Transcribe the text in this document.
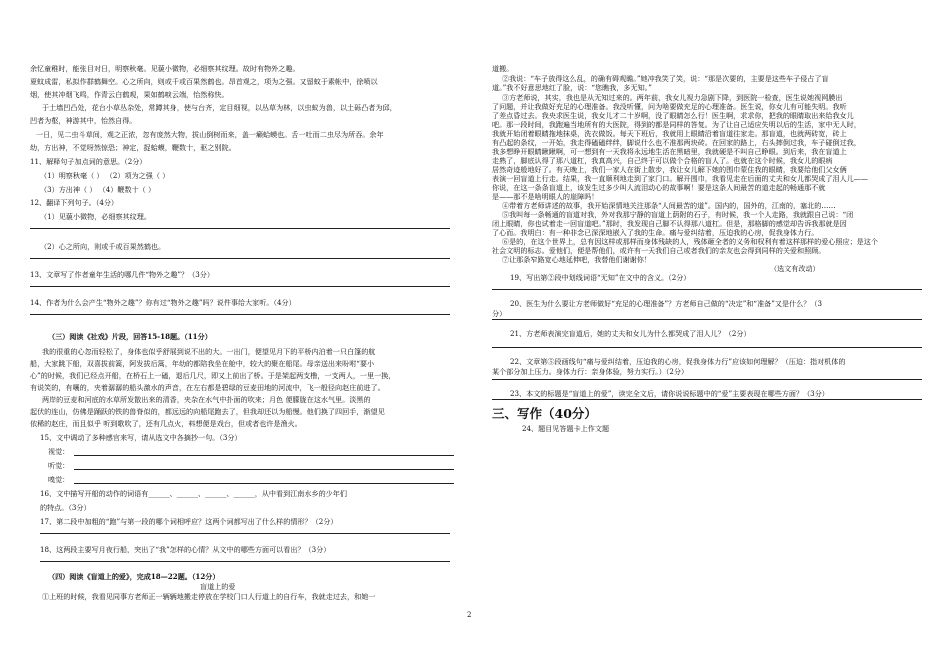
余忆童稚时，能张目对日，明察秋毫。见藐小微物，必细察其纹理。故时有物外之趣。
夏蚊成雷，私拟作群鹤舞空。心之所向，则或千或百果然鹤也。昂首观之，项为之强。又留蚊于素帐中，徐喷以
烟，使其冲烟飞鸣，作青云白鹤观，果如鹤唳云端，怡然称快。
于土墙凹凸处，花台小草丛杂处，常蹲其身，使与台齐，定目细视，以丛草为林，以虫蚁为兽，以土砾凸者为邱，
凹者为壑，神游其中，怡然自得。
一日，见二虫斗草间，观之正浓，忽有庞然大物，拔山倒树而来，盖一癞蛤蟆也。舌一吐而二虫尽为所吞。余年
幼，方出神，不觉呀然惊恐；神定，捉蛤蟆，鞭数十，驱之别院。
11、解释句子加点词的意思。（2分）
（1）明察秋毫（ ） （2）项为之强（ ）
（3）方出神（ ） （4）鞭数十（ ）
12、翻译下列句子。（4分）
（1）见藐小微物，必细察其纹理。
（2）心之所向，则或千或百果然鹤也。
13、文章写了作者童年生活的哪几件“物外之趣”？（3分）
14、作者为什么会产生“物外之趣”？你有过“物外之趣”吗？说件事给大家听。（4分）
（三）阅读《社戏》片段，回答15-18题。（11分）
我的很重的心忽而轻松了，身体也似乎舒展到说不出的大。一出门，便望见月下的平桥内泊着一只白篷的航
船，大家跳下船，双喜拔前篙，阿发拔后篙，年幼的都陪我坐在舱中，较大的聚在船尾。母亲送出来吩咐“要小
心”的时候，我们已经点开船，在桥石上一磕，退后几尺，即又上前出了桥。于是架起两支橹，一支两人，一里一换，
有说笑的，有嚷的，夹着潺潺的船头激水的声音，在左右都是碧绿的豆麦田地的河流中，飞一般径向赵庄前进了。
两岸的豆麦和河底的水草所发散出来的清香，夹杂在水气中扑面的吹来；月色 便朦胧在这水气里。淡黑的
起伏的连山，仿佛是踊跃的铁的兽脊似的，都远远的向船尾跑去了，但我却还以为船慢。他们换了四回手，渐望见
依稀的赵庄，而且似乎 听到歌吹了，还有几点火，料想便是戏台，但或者也许是渔火。
15、文中调动了多种感官来写，请从选文中各摘抄一句。（3分）
视觉：
听觉：
嗅觉：
16、文中描写开船的动作的词语有______、______、______、______，从中看到江南水乡的少年们
的特点。（3分）
17、第二段中加粗的“跑”与第一段的哪个词相呼应？这两个词都写出了什么样的情形？（2分）
18、这两段主要写月夜行船，突出了“我”怎样的心情？从文中的哪些方面可以看出？（3分）
（四）阅读《盲道上的爱》，完成18—22题。（12分）
盲道上的爱
①上班的时候，我看见同事方老师正一辆辆地搬走停放在学校门口人行道上的自行车，我就走过去，和她一
道搬。
②我说：“车子放得这么乱，的确有碍观瞻。”她冲我笑了笑，说：“那是次要的，主要是这些车子侵占了盲
道。”我不好意思地红了脸，说：“您瞧我，多无知。”
③方老师说，其实，我也是从无知过来的。两年前，我女儿视力急剧下降，到医院一检查，医生说她视网膜出
了问题，并让我做好充足的心理准备。我没听懂，问为啥要做充足的心理准备。医生说，你女儿有可能失明。我听
了差点昏过去。我央求医生说，我女儿才二十岁啊，没了眼睛怎么行！医生啊，求求你，把我的眼睛取出来给我女儿
吧。那一段时间，我跑遍当地所有的大医院，得到的都是同样的答复。为了让自己适应失明以后的生活，家中无人时，
我就开始闭着眼睛拖地抹桌，洗衣做饭。每天下班后，我就用上眼睛沿着盲道往家走。那盲道，也就两砖宽，砖上
有凸起的条纹，一开始，我走得磕磕绊绊，脚说什么也不准那两块砖。在回家的路上，右头摔倒过我，车子碰倒过我，
我多想睁开眼睛瞅瞅啊，可一想到有一天我将永远地生活在黑暗里，我就硬是不叫自己睁眼。到后来，我在盲道上
走熟了，脚底认得了那八道杠，我真高兴，自己终于可以做个合格的盲人了。也就在这个时候，我女儿的眼病
居然奇迹般地好了。有天晚上，我们一家人在街上散步，我让女儿解下她的围巾蒙住我的眼睛，我要给他们父女俩
表演一回盲道上行走。结果，我一直顺利地走到了家门口。解开围巾，我看见走在后面的丈夫和女儿都哭成了泪人儿——
你说，在这一条条盲道上，该发生过多少叫人流泪动心的故事啊！要是这条人间最苦的道走起的畅通那不就
是——那不是啥明眼人的崖障吗！
④带着方老师讲述的故事，我开始深情地关注那条“人间最苦的道”。国内的，国外的，江南的，塞北的……
⑤我叫每一条畅通的盲道对我，外对我那宁静的盲道上荫附的石子，有时候，我一个人走路，我就跟自己说：“闭
闭上眼睛，你也试着走一回盲道吧。”那时，我发现自己脚不认得那八道杠。但是，那格脚的感觉却告诉我那就是因
了心而。我明白：有一种非念已深深地嵌入了我的生命。痛与爱纠结着，压迫我的心房，促我身体力行。
⑥是的，在这个世界上，总有因这样或那样而身体残缺的人，残体砸全者的义务和权利有着这样那样的爱心照应；是这个
社会文明的标志。爱他们，便是帮他们，或许有一天我们自己或者我们的亲友也会得到同样的关爱和照顾。
⑦让那条窄路宽心地延伸吧，我替他们谢谢你！
（选文有改动）
19、写出第②段中划线词语“无知”在文中的含义。（2分）
20、医生为什么要让方老师做好“充足的心理准备”？方老师自己做的“决定”和“准备”又是什么？（3
分）
21、方老师表演完盲道后，她的丈夫和女儿为什么都哭成了泪人儿？（2分）
22、文章第⑤段画线句“痛与爱纠结着，压迫我的心房，促我身体力行”应该如何理解？（压迫：指对机体的
某个部分加上压力。身体力行：亲身体验，努力实行。）（2分）
23、本文的标题是“盲道上的爱”，读完全文后，请你说说标题中的“爱”主要表现在哪些方面？（3分）
三、写作（40分）
24、题目见答题卡上作文题
2
